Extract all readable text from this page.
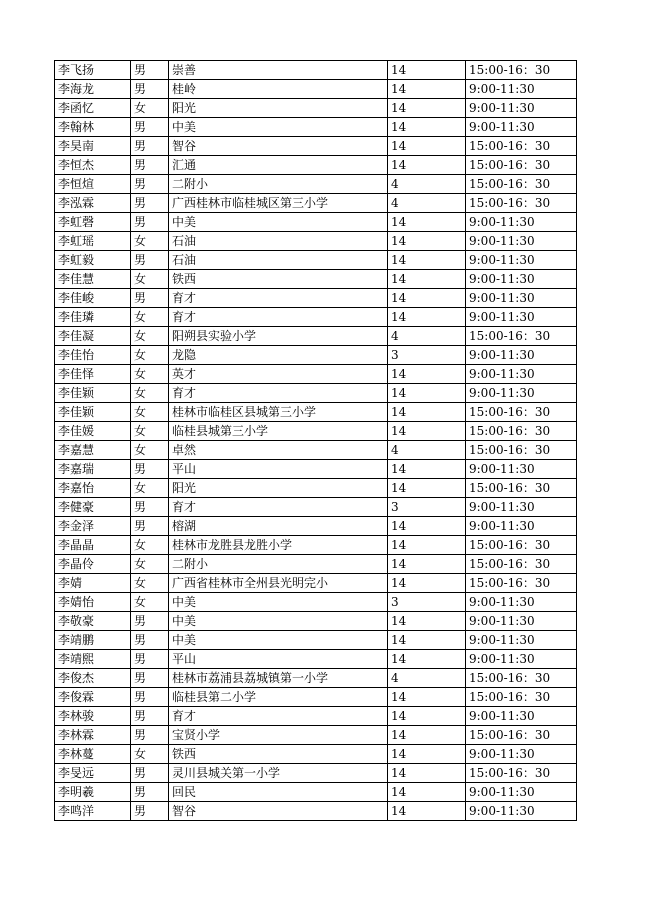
李飞扬	男	崇善	14	15:00-16：30
李海龙	男	桂岭	14	9:00-11:30
李函忆	女	阳光	14	9:00-11:30
李翰林	男	中美	14	9:00-11:30
李昊南	男	智谷	14	15:00-16：30
李恒杰	男	汇通	14	15:00-16：30
李恒煊	男	二附小	4	15:00-16：30
李泓霖	男	广西桂林市临桂城区第三小学	4	15:00-16：30
李虹磬	男	中美	14	9:00-11:30
李虹瑶	女	石油	14	9:00-11:30
李虹毅	男	石油	14	9:00-11:30
李佳慧	女	铁西	14	9:00-11:30
李佳峻	男	育才	14	9:00-11:30
李佳璘	女	育才	14	9:00-11:30
李佳凝	女	阳朔县实验小学	4	15:00-16：30
李佳怡	女	龙隐	3	9:00-11:30
李佳怿	女	英才	14	9:00-11:30
李佳颖	女	育才	14	9:00-11:30
李佳颖	女	桂林市临桂区县城第三小学	14	15:00-16：30
李佳媛	女	临桂县城第三小学	14	15:00-16：30
李嘉慧	女	卓然	4	15:00-16：30
李嘉瑞	男	平山	14	9:00-11:30
李嘉怡	女	阳光	14	15:00-16：30
李健豪	男	育才	3	9:00-11:30
李金泽	男	榕湖	14	9:00-11:30
李晶晶	女	桂林市龙胜县龙胜小学	14	15:00-16：30
李晶伶	女	二附小	14	15:00-16：30
李婧	女	广西省桂林市全州县光明完小	14	15:00-16：30
李婧怡	女	中美	3	9:00-11:30
李敬豪	男	中美	14	9:00-11:30
李靖鹏	男	中美	14	9:00-11:30
李靖熙	男	平山	14	9:00-11:30
李俊杰	男	桂林市荔浦县荔城镇第一小学	4	15:00-16：30
李俊霖	男	临桂县第二小学	14	15:00-16：30
李林骏	男	育才	14	9:00-11:30
李林霖	男	宝贤小学	14	15:00-16：30
李林蔓	女	铁西	14	9:00-11:30
李旻远	男	灵川县城关第一小学	14	15:00-16：30
李明羲	男	回民	14	9:00-11:30
李鸣洋	男	智谷	14	9:00-11:30
